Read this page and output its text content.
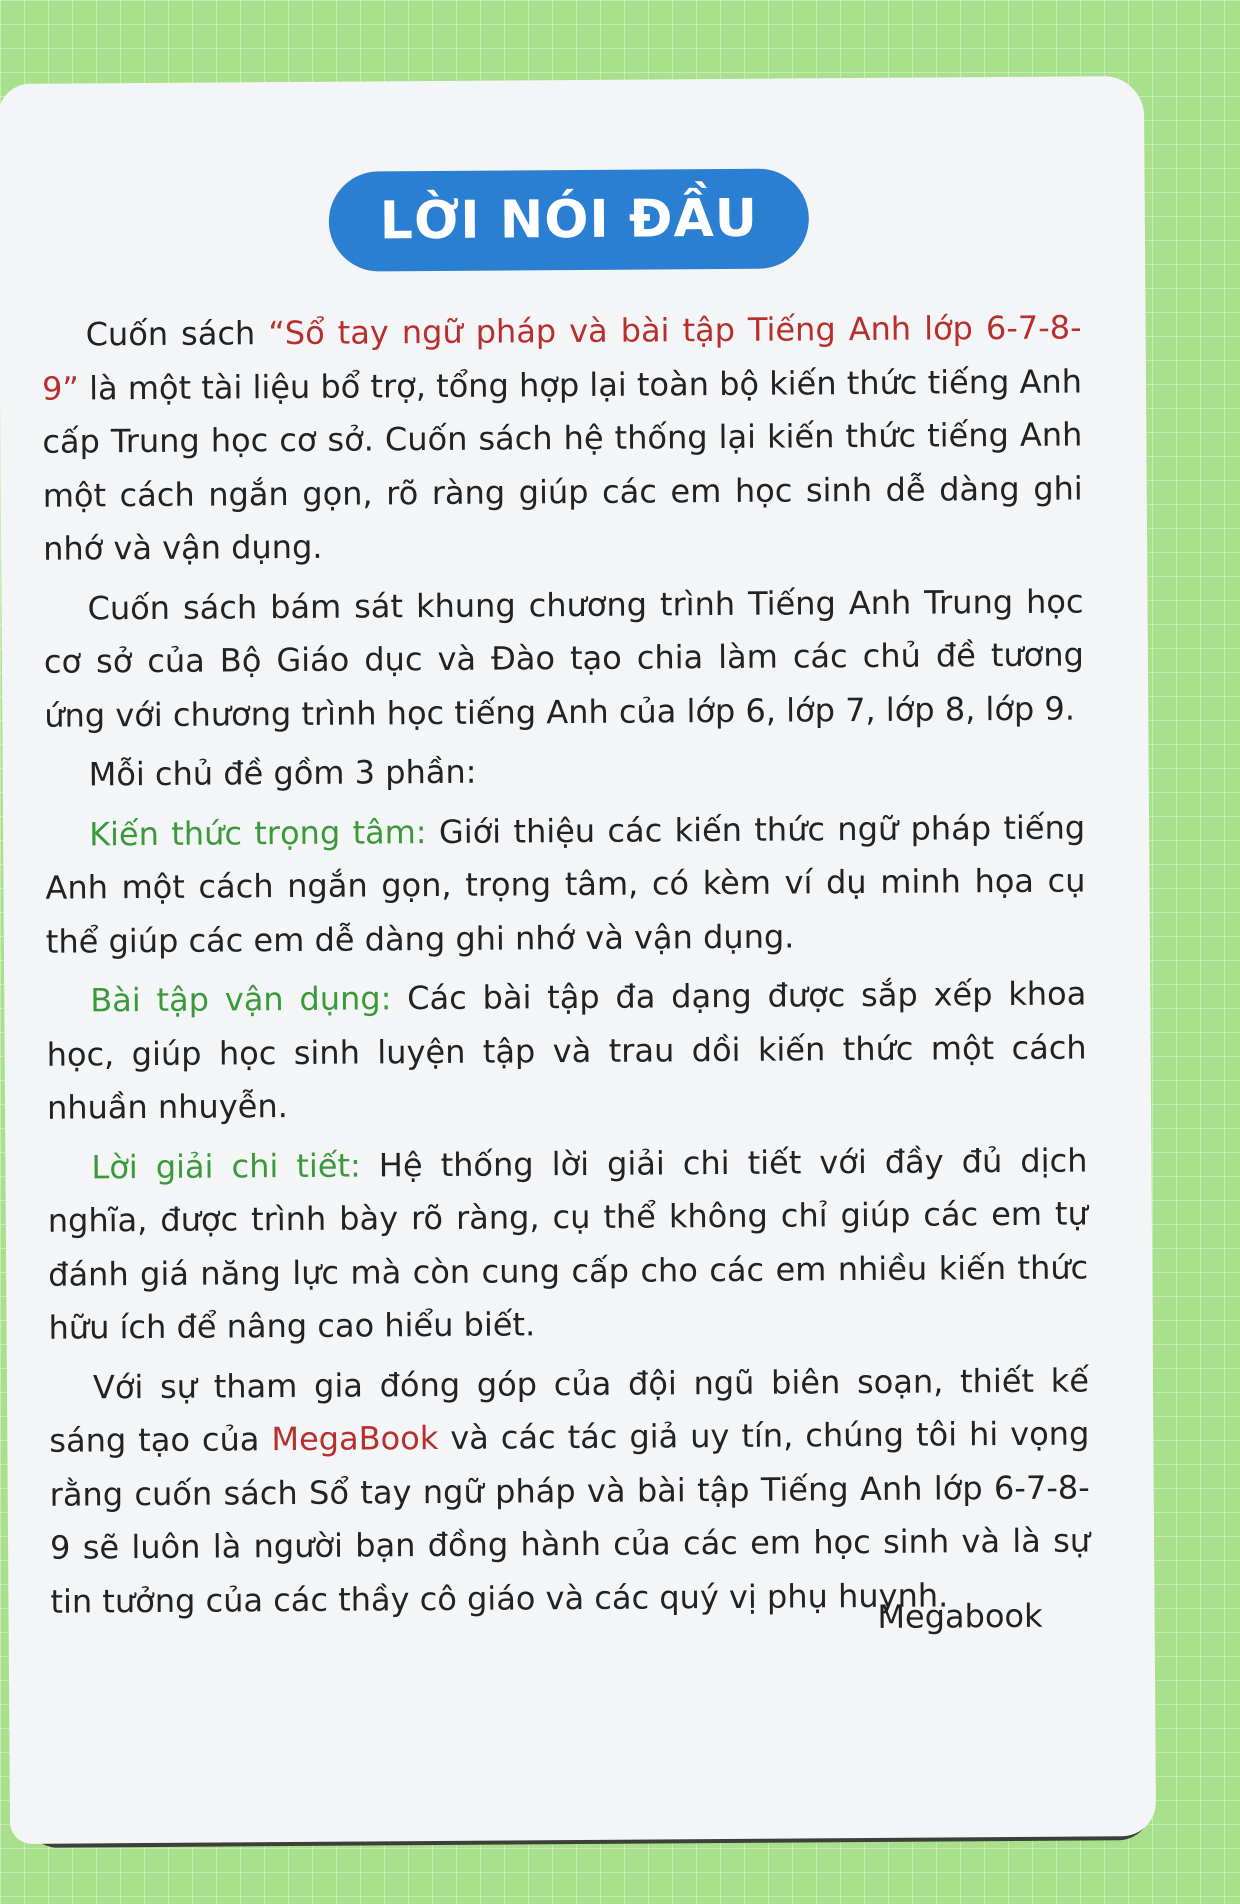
LỜI NÓI ĐẦU

Cuốn sách “Sổ tay ngữ pháp và bài tập Tiếng Anh lớp 6-7-8-9” là một tài liệu bổ trợ, tổng hợp lại toàn bộ kiến thức tiếng Anh cấp Trung học cơ sở. Cuốn sách hệ thống lại kiến thức tiếng Anh một cách ngắn gọn, rõ ràng giúp các em học sinh dễ dàng ghi nhớ và vận dụng.

Cuốn sách bám sát khung chương trình Tiếng Anh Trung học cơ sở của Bộ Giáo dục và Đào tạo chia làm các chủ đề tương ứng với chương trình học tiếng Anh của lớp 6, lớp 7, lớp 8, lớp 9.

Mỗi chủ đề gồm 3 phần:

Kiến thức trọng tâm: Giới thiệu các kiến thức ngữ pháp tiếng Anh một cách ngắn gọn, trọng tâm, có kèm ví dụ minh họa cụ thể giúp các em dễ dàng ghi nhớ và vận dụng.

Bài tập vận dụng: Các bài tập đa dạng được sắp xếp khoa học, giúp học sinh luyện tập và trau dồi kiến thức một cách nhuần nhuyễn.

Lời giải chi tiết: Hệ thống lời giải chi tiết với đầy đủ dịch nghĩa, được trình bày rõ ràng, cụ thể không chỉ giúp các em tự đánh giá năng lực mà còn cung cấp cho các em nhiều kiến thức hữu ích để nâng cao hiểu biết.

Với sự tham gia đóng góp của đội ngũ biên soạn, thiết kế sáng tạo của MegaBook và các tác giả uy tín, chúng tôi hi vọng rằng cuốn sách Sổ tay ngữ pháp và bài tập Tiếng Anh lớp 6-7-8-9 sẽ luôn là người bạn đồng hành của các em học sinh và là sự tin tưởng của các thầy cô giáo và các quý vị phụ huynh.

Megabook
